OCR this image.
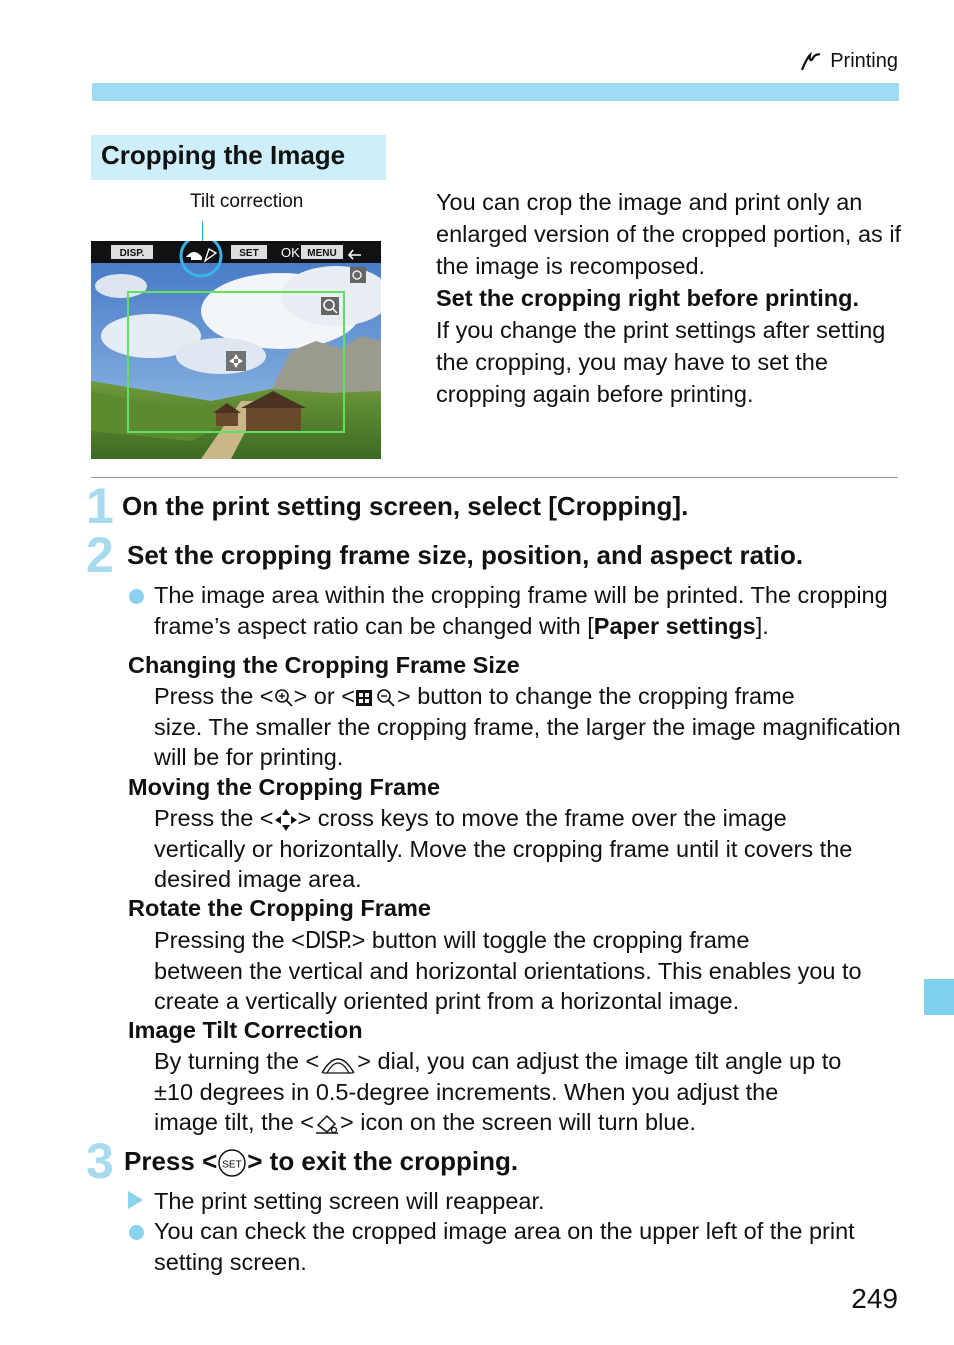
Printing
Cropping the Image
Tilt correction
DISP.	SET OK MENU

You can crop the image and print only an enlarged version of the cropped portion, as if the image is recomposed.

Set the cropping right before printing.

If you change the print settings after setting the cropping, you may have to set the cropping again before printing.

1 On the print setting screen, select [Cropping].
2 Set the cropping frame size, position, and aspect ratio.
The image area within the cropping frame will be printed. The cropping frame’s aspect ratio can be changed with [Paper settings].
Changing the Cropping Frame Size
Press the < > or < > button to change the cropping frame
size. The smaller the cropping frame, the larger the image magnification will be for printing.
Moving the Cropping Frame
Press the < > cross keys to move the frame over the image
vertically or horizontally. Move the cropping frame until it covers the desired image area.
Rotate the Cropping Frame
Pressing the <DISP.> button will toggle the cropping frame
between the vertical and horizontal orientations. This enables you to create a vertically oriented print from a horizontal image.
Image Tilt Correction
By turning the < > dial, you can adjust the image tilt angle up to
±10 degrees in 0.5-degree increments. When you adjust the
image tilt, the < > icon on the screen will turn blue.
3 Press < SET > to exit the cropping.
The print setting screen will reappear.
You can check the cropped image area on the upper left of the print setting screen.
249
